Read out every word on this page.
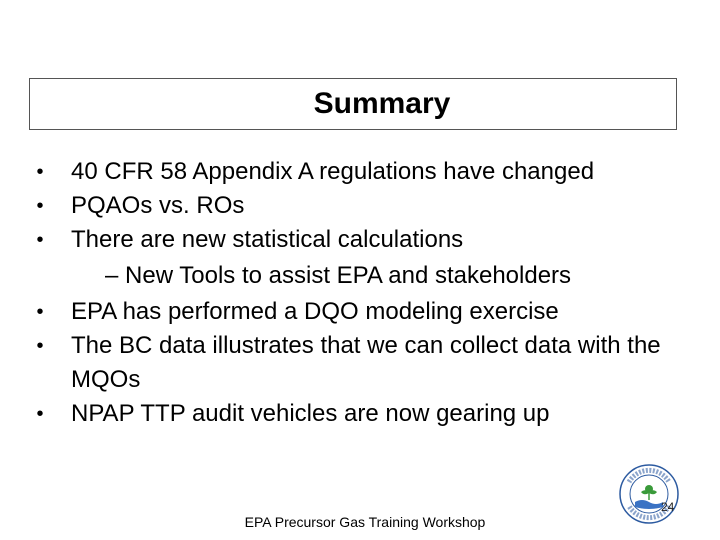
Summary
• 40 CFR 58 Appendix A regulations have changed
• PQAOs vs. ROs
• There are new statistical calculations
– New Tools to assist EPA and stakeholders
• EPA has performed a DQO modeling exercise
• The BC data illustrates that we can collect data with the MQOs
• NPAP TTP audit vehicles are now gearing up
24
EPA Precursor Gas Training Workshop
